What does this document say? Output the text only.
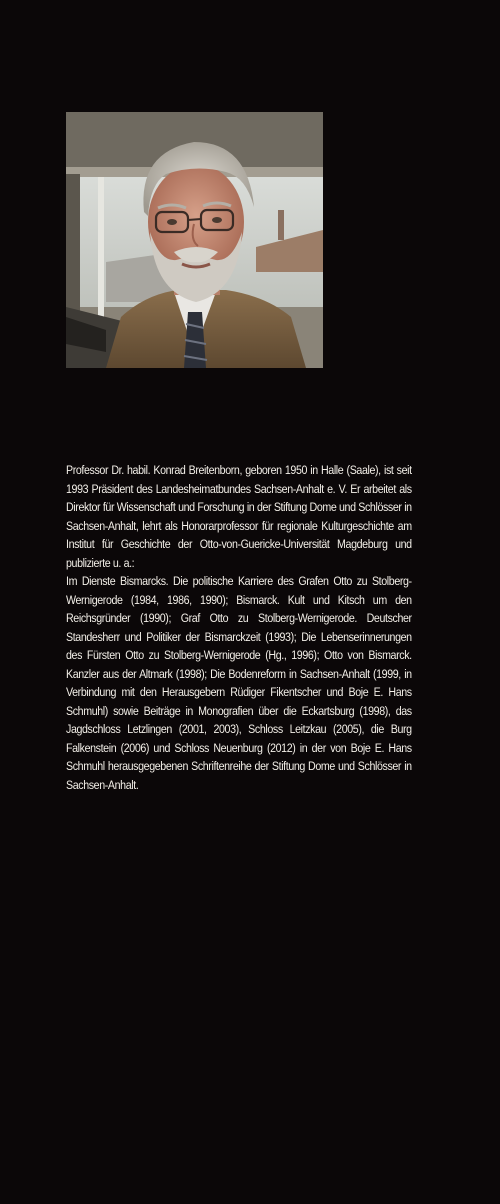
Professor Dr. habil. Konrad Breitenborn, geboren 1950 in Halle (Saale), ist seit 1993 Präsident des Landesheimatbundes Sachsen-Anhalt e. V. Er arbeitet als Direktor für Wissenschaft und Forschung in der Stiftung Dome und Schlösser in Sachsen-Anhalt, lehrt als Honorarprofessor für regionale Kulturgeschichte am Institut für Geschichte der Otto-von-Guericke-Universität Magdeburg und publizierte u. a.:

Im Dienste Bismarcks. Die politische Karriere des Grafen Otto zu Stolberg-Wernigerode (1984, 1986, 1990); Bismarck. Kult und Kitsch um den Reichsgründer (1990); Graf Otto zu Stolberg-Wernigerode. Deutscher Standesherr und Politiker der Bismarckzeit (1993); Die Lebenserinnerungen des Fürsten Otto zu Stolberg-Wernigerode (Hg., 1996); Otto von Bismarck. Kanzler aus der Altmark (1998); Die Bodenreform in Sachsen-Anhalt (1999, in Verbindung mit den Herausgebern Rüdiger Fikentscher und Boje E. Hans Schmuhl) sowie Beiträge in Monografien über die Eckartsburg (1998), das Jagdschloss Letzlingen (2001, 2003), Schloss Leitzkau (2005), die Burg Falkenstein (2006) und Schloss Neuenburg (2012) in der von Boje E. Hans Schmuhl herausgegebenen Schriftenreihe der Stiftung Dome und Schlösser in Sachsen-Anhalt.
